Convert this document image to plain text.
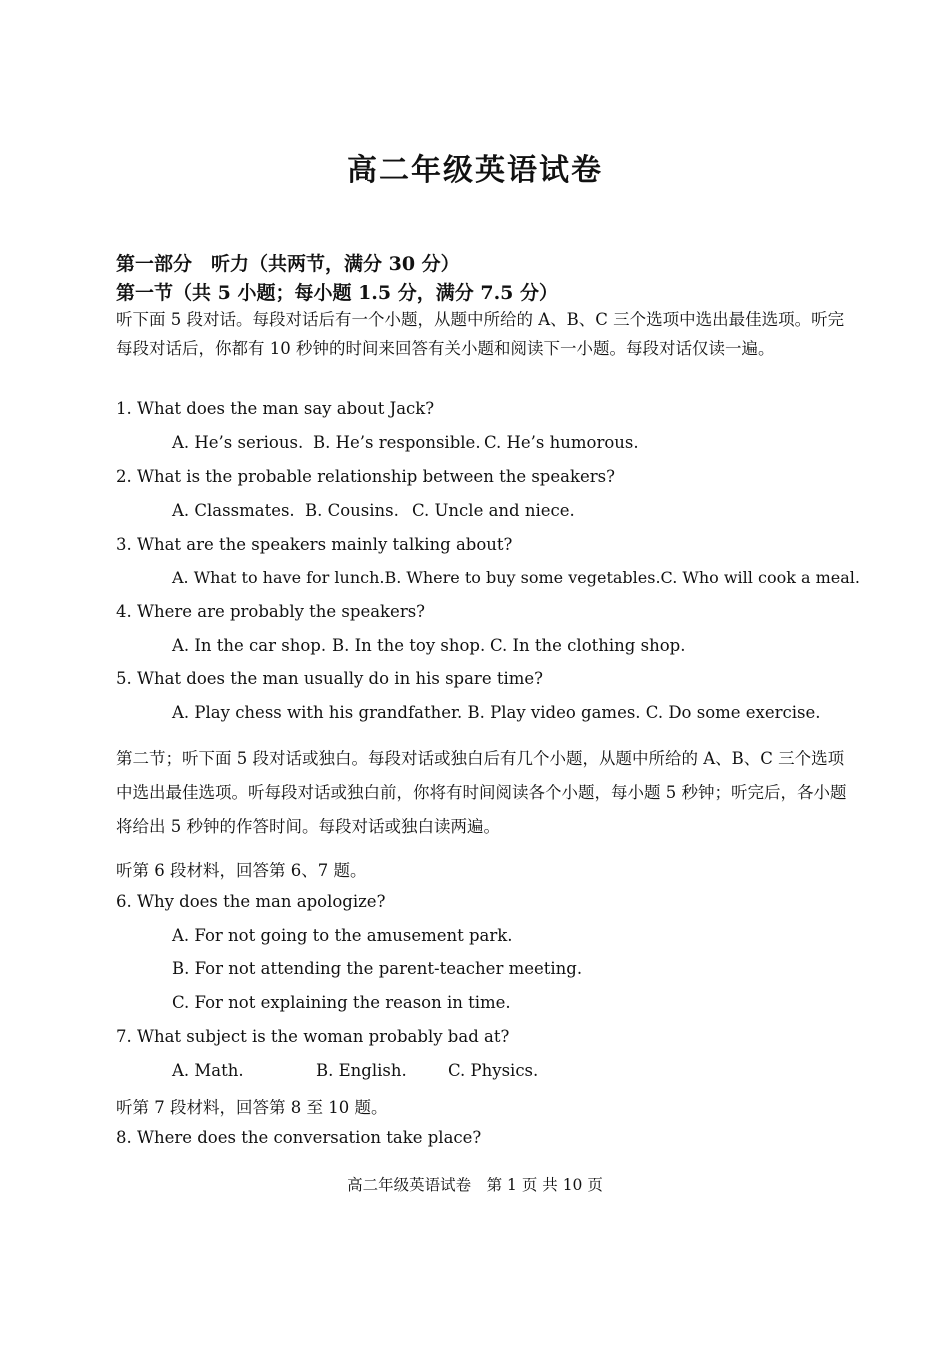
高二年级英语试卷
第一部分　听力（共两节，满分 30 分）
第一节（共 5 小题；每小题 1.5 分，满分 7.5 分）
听下面 5 段对话。每段对话后有一个小题，从题中所给的 A、B、C 三个选项中选出最佳选项。听完每段对话后，你都有 10 秒钟的时间来回答有关小题和阅读下一小题。每段对话仅读一遍。
1. What does the man say about Jack?
A. He’s serious. B. He’s responsible. C. He’s humorous.
2. What is the probable relationship between the speakers?
A. Classmates. B. Cousins. C. Uncle and niece.
3. What are the speakers mainly talking about?
A. What to have for lunch.B. Where to buy some vegetables.C. Who will cook a meal.
4. Where are probably the speakers?
A. In the car shop. B. In the toy shop. C. In the clothing shop.
5. What does the man usually do in his spare time?
A. Play chess with his grandfather. B. Play video games. C. Do some exercise.
第二节；听下面 5 段对话或独白。每段对话或独白后有几个小题，从题中所给的 A、B、C 三个选项中选出最佳选项。听每段对话或独白前，你将有时间阅读各个小题，每小题 5 秒钟；听完后，各小题将给出 5 秒钟的作答时间。每段对话或独白读两遍。
听第 6 段材料，回答第 6、7 题。
6. Why does the man apologize?
A. For not going to the amusement park.
B. For not attending the parent-teacher meeting.
C. For not explaining the reason in time.
7. What subject is the woman probably bad at?
A. Math.	B. English.	C. Physics.
听第 7 段材料，回答第 8 至 10 题。
8. Where does the conversation take place?
高二年级英语试卷　第 1 页 共 10 页
